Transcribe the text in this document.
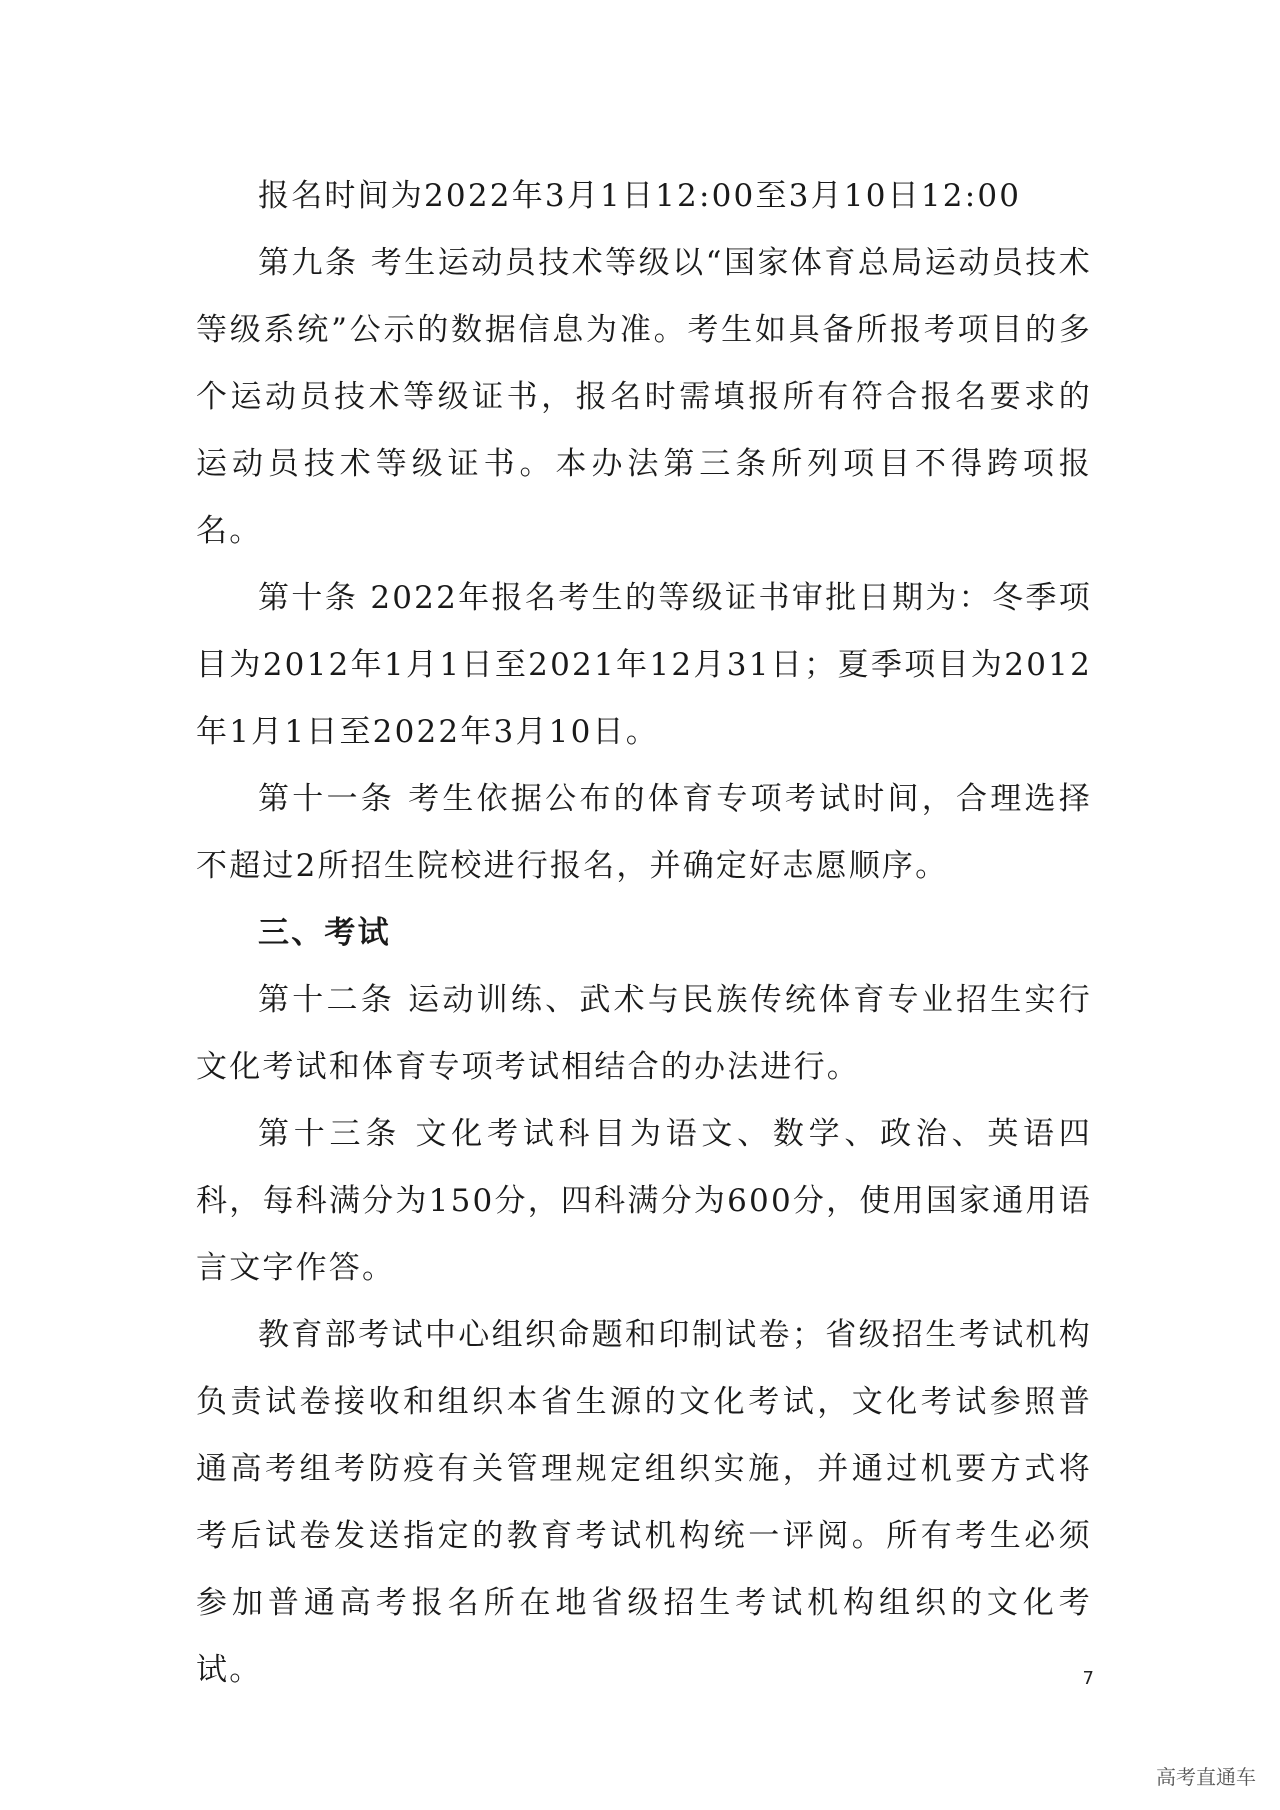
报名时间为2022年3月1日12:00至3月10日12:00

第九条 考生运动员技术等级以“国家体育总局运动员技术等级系统”公示的数据信息为准。考生如具备所报考项目的多个运动员技术等级证书，报名时需填报所有符合报名要求的运动员技术等级证书。本办法第三条所列项目不得跨项报名。

第十条 2022年报名考生的等级证书审批日期为：冬季项目为2012年1月1日至2021年12月31日；夏季项目为2012年1月1日至2022年3月10日。

第十一条 考生依据公布的体育专项考试时间，合理选择不超过2所招生院校进行报名，并确定好志愿顺序。

三、考试

第十二条 运动训练、武术与民族传统体育专业招生实行文化考试和体育专项考试相结合的办法进行。

第十三条 文化考试科目为语文、数学、政治、英语四科，每科满分为150分，四科满分为600分，使用国家通用语言文字作答。

教育部考试中心组织命题和印制试卷；省级招生考试机构负责试卷接收和组织本省生源的文化考试，文化考试参照普通高考组考防疫有关管理规定组织实施，并通过机要方式将考后试卷发送指定的教育考试机构统一评阅。所有考生必须参加普通高考报名所在地省级招生考试机构组织的文化考试。	7
高考直通车
